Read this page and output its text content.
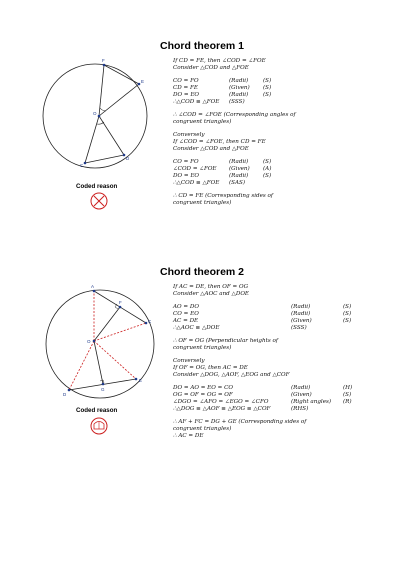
Chord theorem 1
F
E
O
C
D
Coded reason
If CD = FE, then ∠COD = ∠FOE
Consider △COD and △FOE
CO = FO	(Radii)	(S)
CD = FE	(Given)	(S)
DO = EO	(Radii)	(S)
∴△COD ≡ △FOE	(SSS)
∴ ∠COD = ∠FOE (Corresponding angles of
congruent triangles)
Conversely
If ∠COD = ∠FOE, then CD = FE
Consider △COD and △FOE
CO = FO	(Radii)	(S)
∠COD = ∠FOE	(Given)	(A)
DO = EO	(Radii)	(S)
∴△COD ≡ △FOE	(SAS)
∴ CD = FE (Corresponding sides of
congruent triangles)
Chord theorem 2
A
F
C
O
E
G
D
Coded reason
If AC = DE, then OF = OG
Consider △AOC and △DOE
AO = DO	(Radii)	(S)
CO = EO	(Radii)	(S)
AC = DE	(Given)	(S)
∴△AOC ≡ △DOE	(SSS)
∴ OF = OG (Perpendicular heights of
congruent triangles)
Conversely
If OF = OG, then AC = DE
Consider △DOG, △AOF, △EOG and △COF
DO = AO = EO = CO	(Radii)	(H)
OG = OF = OG = OF	(Given)	(S)
∠DGO = ∠AFO = ∠EGO = ∠CFO	(Right angles)	(R)
∴△DOG ≡ △AOF ≡ △EOG ≡ △COF	(RHS)
∴ AF + FC = DG + GE (Corresponding sides of
congruent triangles)
∴ AC = DE
